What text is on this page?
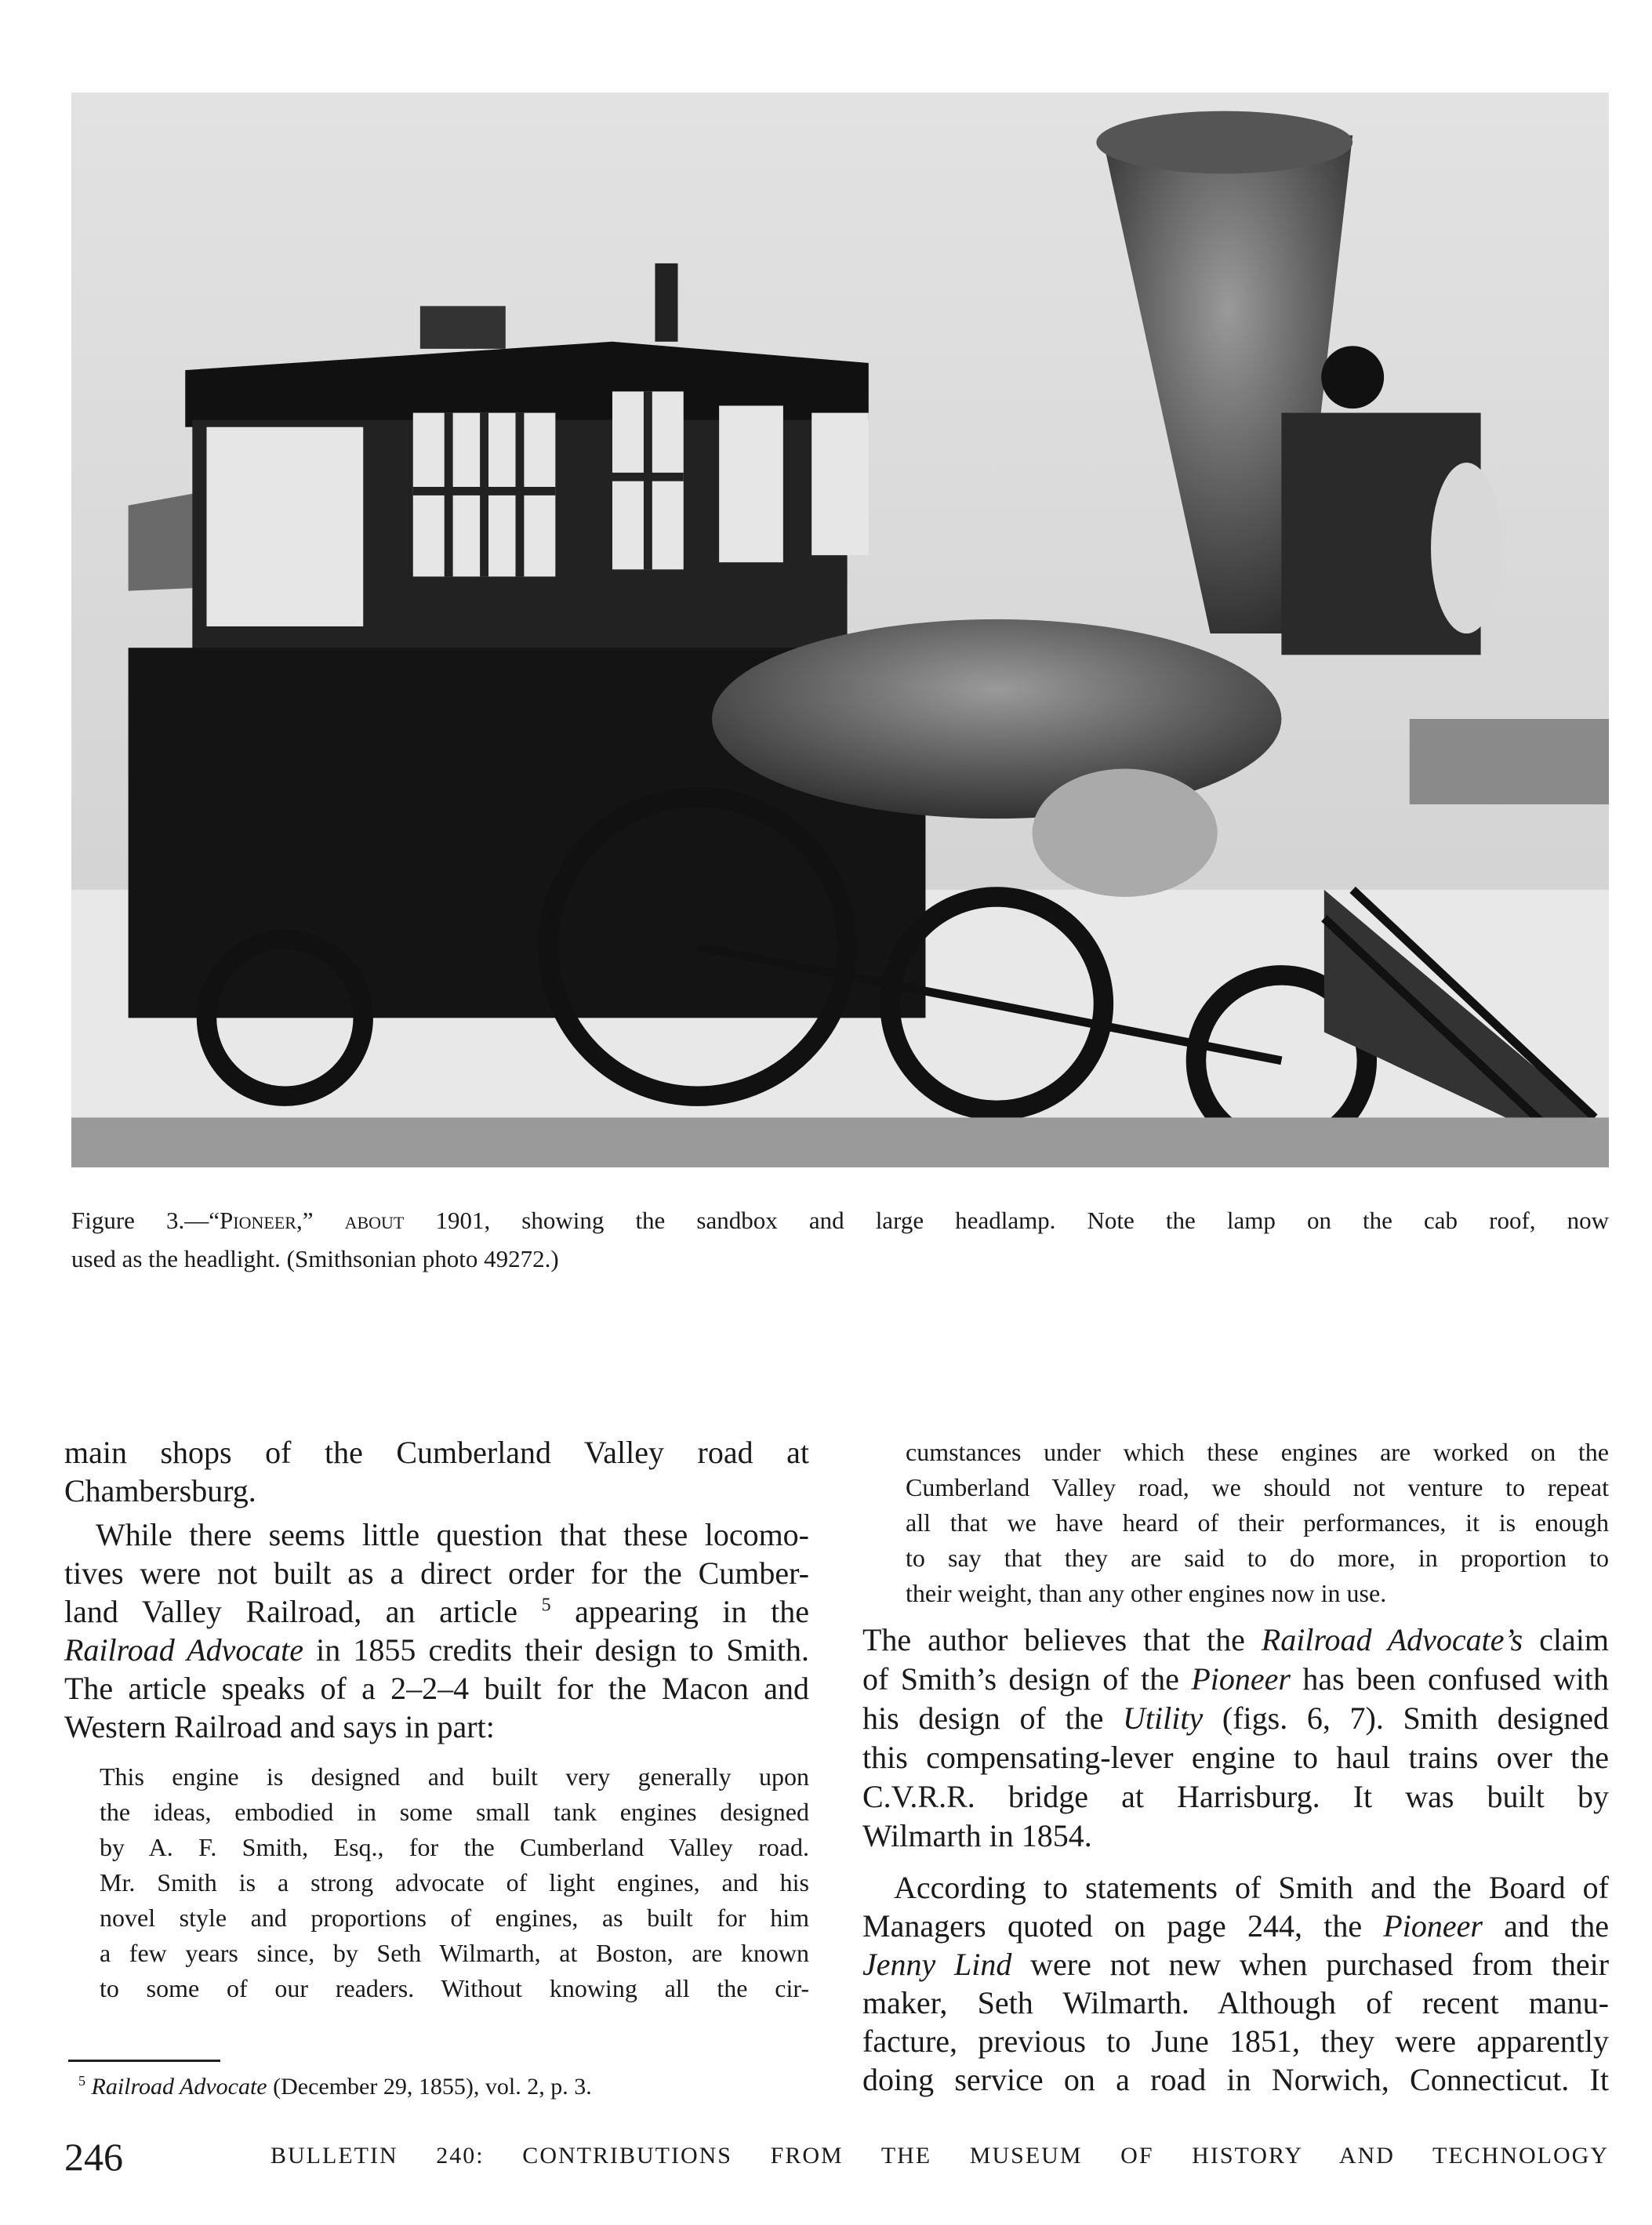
Figure 3.—“Pioneer,” about 1901, showing the sandbox and large headlamp. Note the lamp on the cab roof, now
used as the headlight. (Smithsonian photo 49272.)
main shops of the Cumberland Valley road at
Chambersburg.
 While there seems little question that these locomo-
tives were not built as a direct order for the Cumber-
land Valley Railroad, an article $^5$ appearing in the
Railroad Advocate in 1855 credits their design to Smith.
The article speaks of a 2–2–4 built for the Macon and
Western Railroad and says in part:
This engine is designed and built very generally upon
the ideas, embodied in some small tank engines designed
by A. F. Smith, Esq., for the Cumberland Valley road.
Mr. Smith is a strong advocate of light engines, and his
novel style and proportions of engines, as built for him
a few years since, by Seth Wilmarth, at Boston, are known
to some of our readers. Without knowing all the cir-
cumstances under which these engines are worked on the
Cumberland Valley road, we should not venture to repeat
all that we have heard of their performances, it is enough
to say that they are said to do more, in proportion to
their weight, than any other engines now in use.
The author believes that the Railroad Advocate’s claim
of Smith’s design of the Pioneer has been confused with
his design of the Utility (figs. 6, 7). Smith designed
this compensating-lever engine to haul trains over the
C.V.R.R. bridge at Harrisburg. It was built by
Wilmarth in 1854.
 According to statements of Smith and the Board of
Managers quoted on page 244, the Pioneer and the
Jenny Lind were not new when purchased from their
maker, Seth Wilmarth. Although of recent manu-
facture, previous to June 1851, they were apparently
doing service on a road in Norwich, Connecticut. It
$^5$ Railroad Advocate (December 29, 1855), vol. 2, p. 3.
246	BULLETIN 240: CONTRIBUTIONS FROM THE MUSEUM OF HISTORY AND TECHNOLOGY
